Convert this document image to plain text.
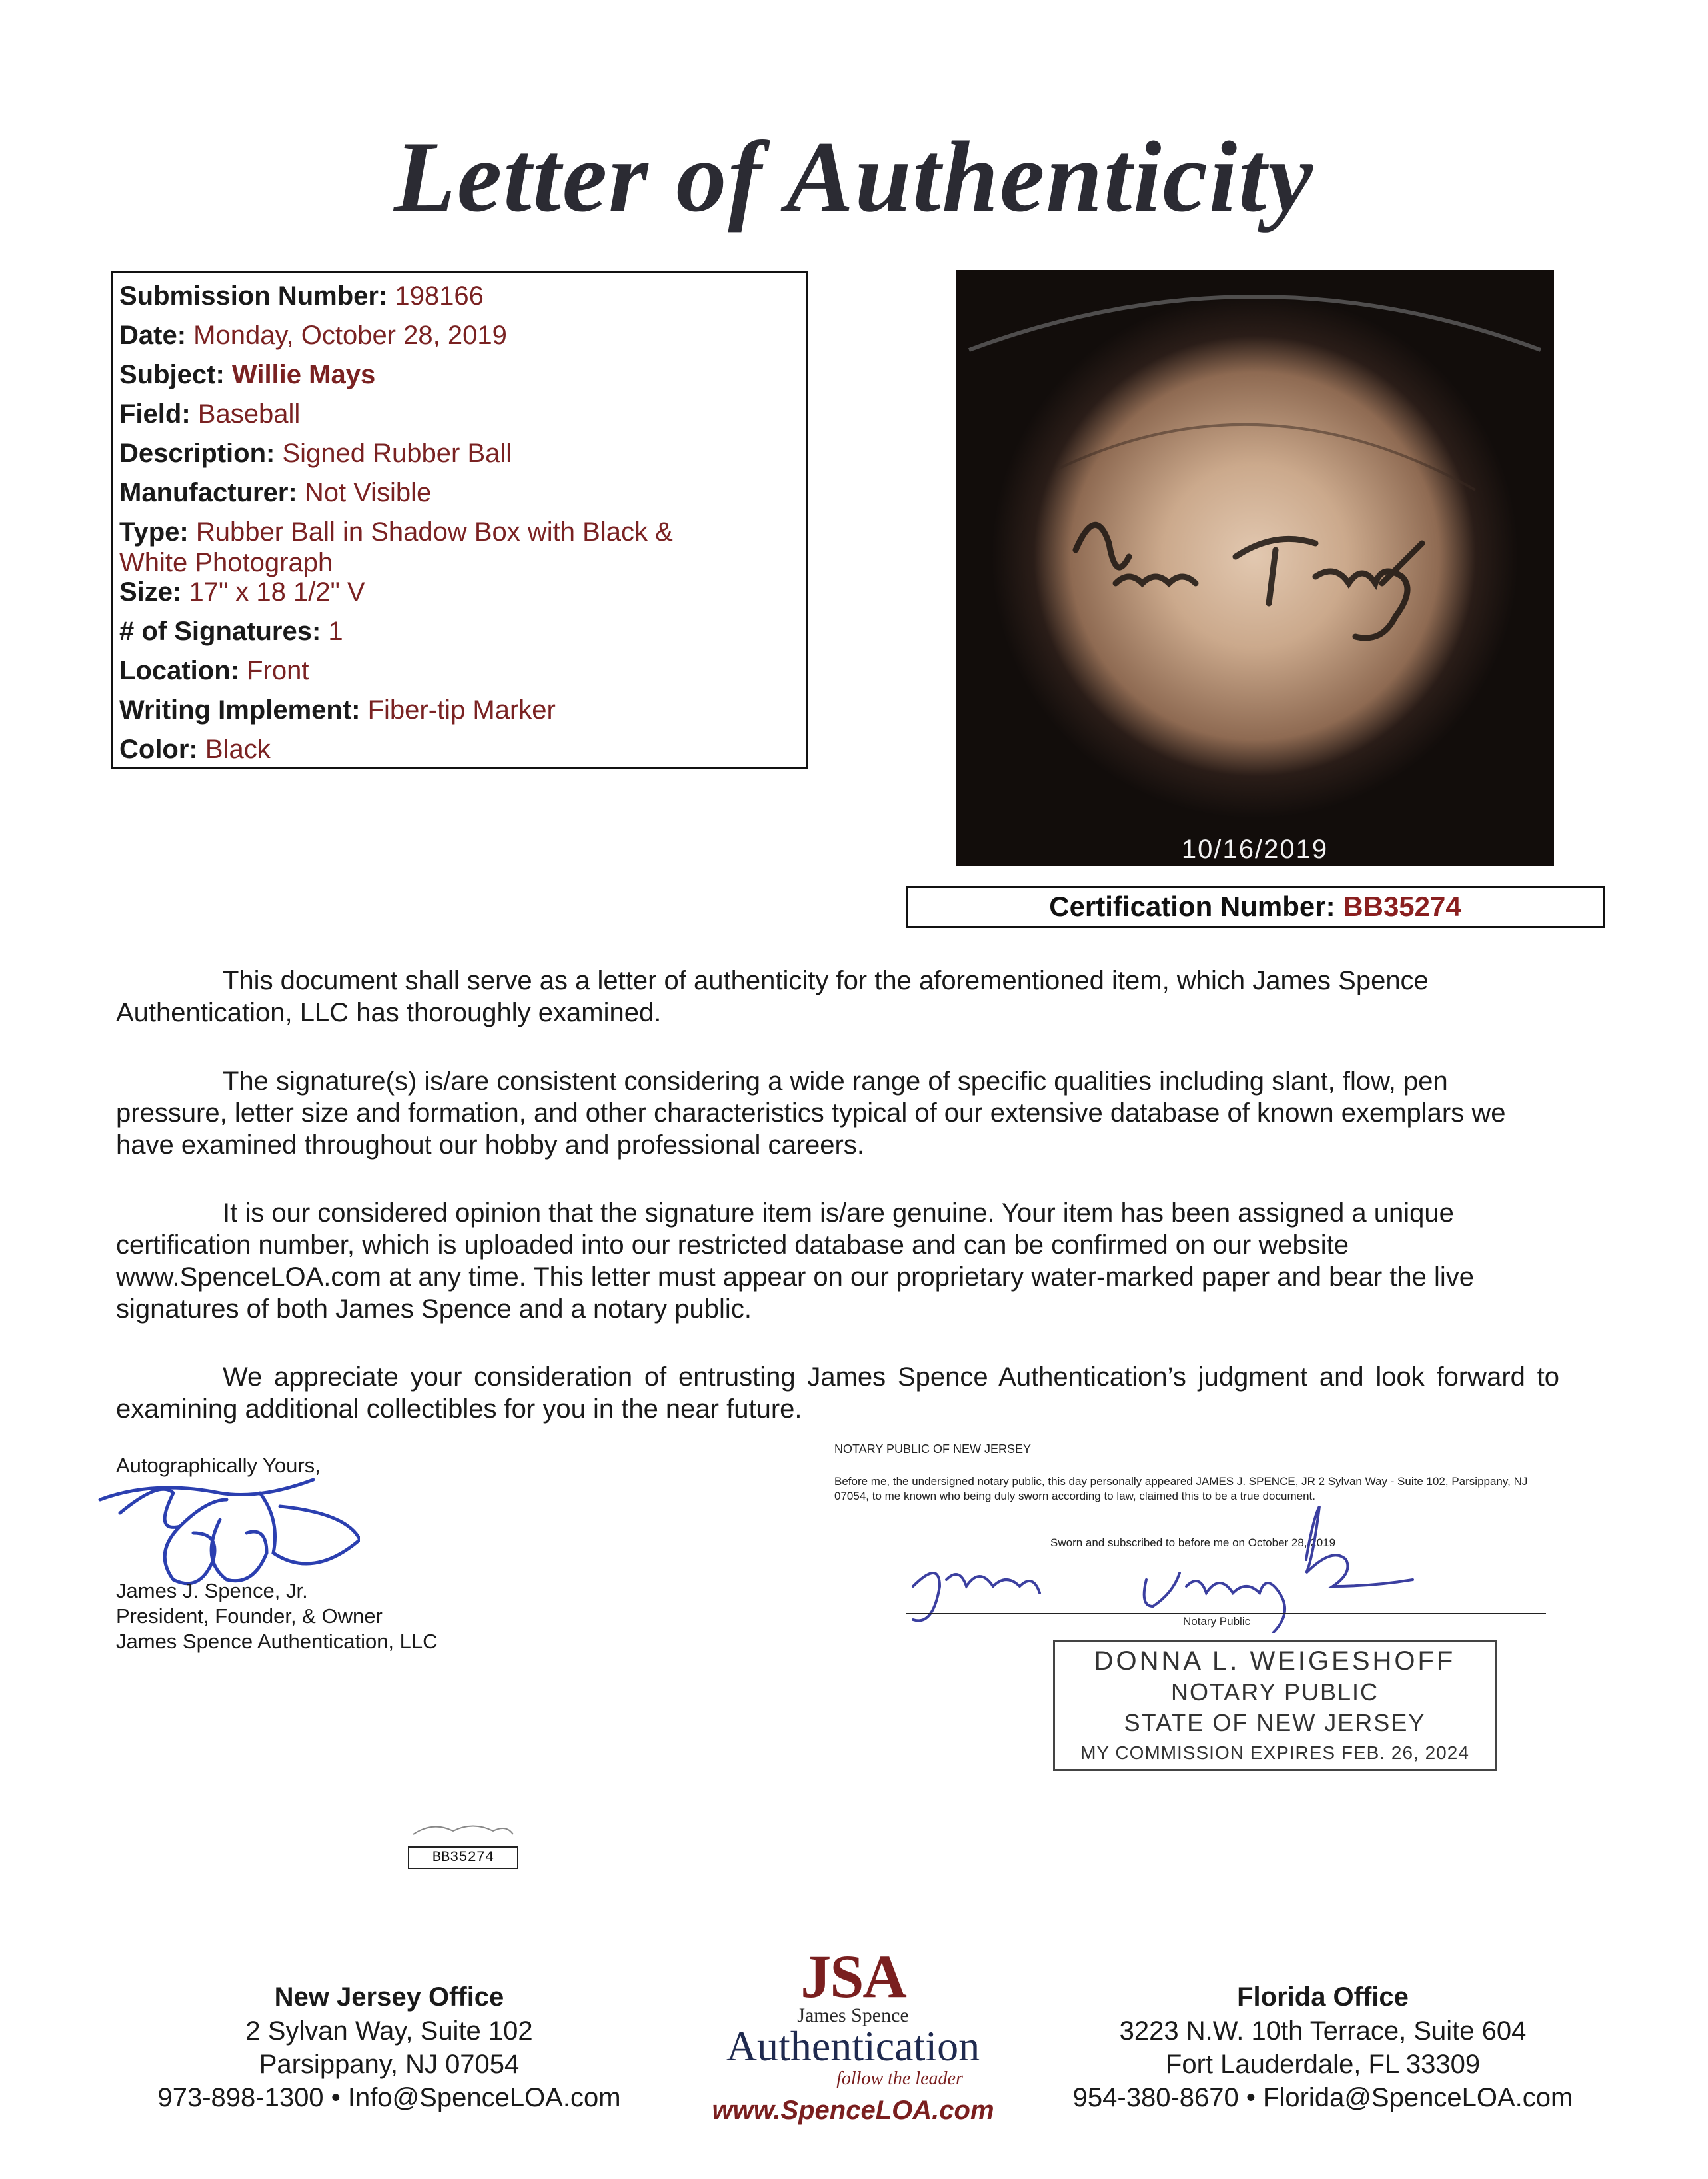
Letter of Authenticity
Submission Number: 198166
Date: Monday, October 28, 2019
Subject: Willie Mays
Field: Baseball
Description: Signed Rubber Ball
Manufacturer: Not Visible
Type: Rubber Ball in Shadow Box with Black & White Photograph
Size: 17" x 18 1/2" V
# of Signatures: 1
Location: Front
Writing Implement: Fiber-tip Marker
Color: Black
10/16/2019
Certification Number: BB35274

This document shall serve as a letter of authenticity for the aforementioned item, which James Spence Authentication, LLC has thoroughly examined.

The signature(s) is/are consistent considering a wide range of specific qualities including slant, flow, pen pressure, letter size and formation, and other characteristics typical of our extensive database of known exemplars we have examined throughout our hobby and professional careers.

It is our considered opinion that the signature item is/are genuine. Your item has been assigned a unique certification number, which is uploaded into our restricted database and can be confirmed on our website www.SpenceLOA.com at any time. This letter must appear on our proprietary water-marked paper and bear the live signatures of both James Spence and a notary public.

We appreciate your consideration of entrusting James Spence Authentication’s judgment and look forward to examining additional collectibles for you in the near future.

Autographically Yours,
James J. Spence, Jr.
President, Founder, & Owner
James Spence Authentication, LLC
NOTARY PUBLIC OF NEW JERSEY
Before me, the undersigned notary public, this day personally appeared JAMES J. SPENCE, JR 2 Sylvan Way - Suite 102, Parsippany, NJ 07054, to me known who being duly sworn according to law, claimed this to be a true document.
Sworn and subscribed to before me on October 28, 2019
Notary Public
DONNA L. WEIGESHOFF
NOTARY PUBLIC
STATE OF NEW JERSEY
MY COMMISSION EXPIRES FEB. 26, 2024
BB35274
New Jersey Office
2 Sylvan Way, Suite 102
Parsippany, NJ 07054
973-898-1300 • Info@SpenceLOA.com
Florida Office
3223 N.W. 10th Terrace, Suite 604
Fort Lauderdale, FL 33309
954-380-8670 • Florida@SpenceLOA.com
JSA
James Spence
Authentication
follow the leader
www.SpenceLOA.com
